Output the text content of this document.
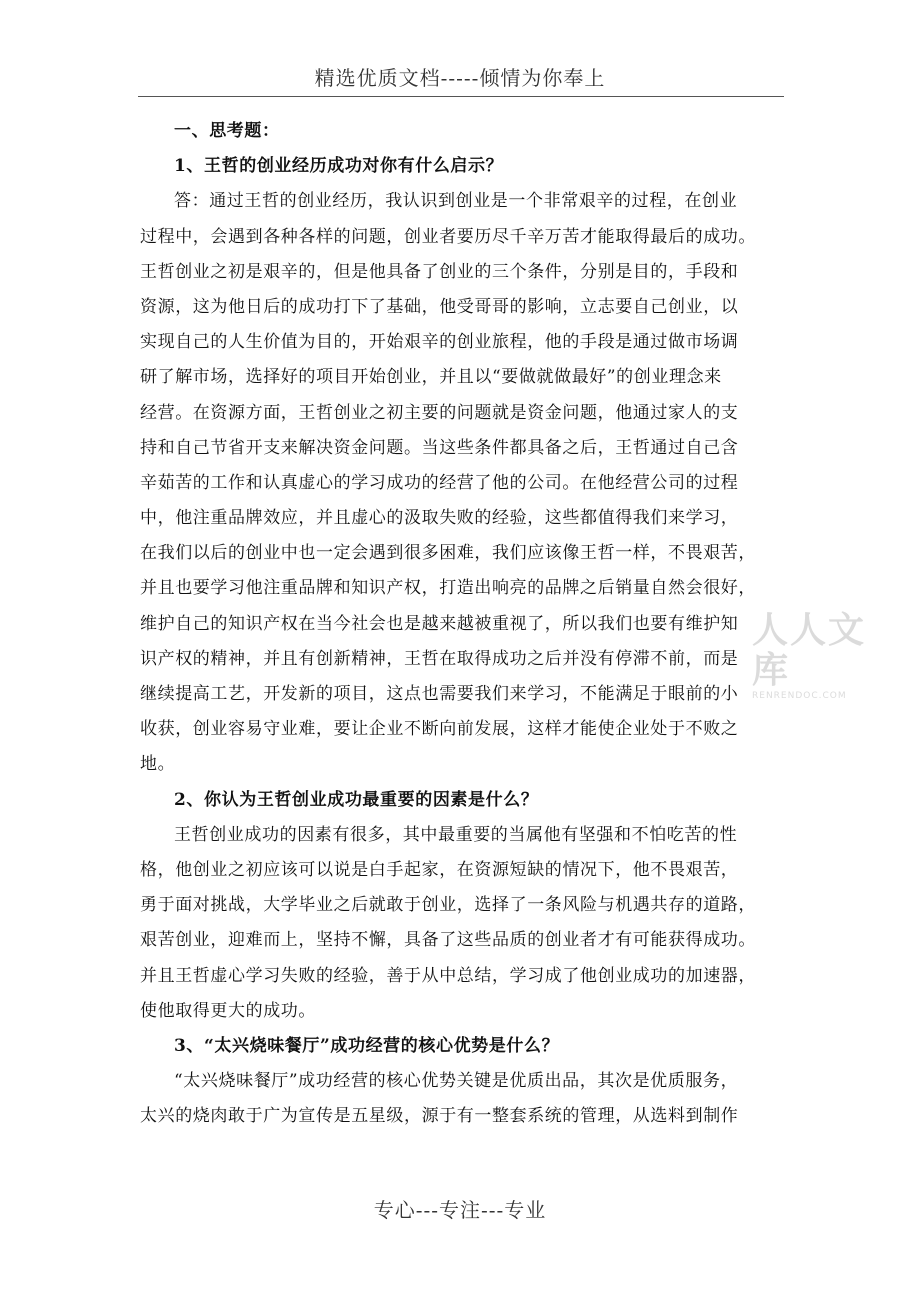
精选优质文档-----倾情为你奉上
一、思考题：
1、王哲的创业经历成功对你有什么启示？
答：通过王哲的创业经历，我认识到创业是一个非常艰辛的过程，在创业
过程中，会遇到各种各样的问题，创业者要历尽千辛万苦才能取得最后的成功。
王哲创业之初是艰辛的，但是他具备了创业的三个条件，分别是目的，手段和
资源，这为他日后的成功打下了基础，他受哥哥的影响，立志要自己创业，以
实现自己的人生价值为目的，开始艰辛的创业旅程，他的手段是通过做市场调
研了解市场，选择好的项目开始创业，并且以“要做就做最好”的创业理念来
经营。在资源方面，王哲创业之初主要的问题就是资金问题，他通过家人的支
持和自己节省开支来解决资金问题。当这些条件都具备之后，王哲通过自己含
辛茹苦的工作和认真虚心的学习成功的经营了他的公司。在他经营公司的过程
中，他注重品牌效应，并且虚心的汲取失败的经验，这些都值得我们来学习，
在我们以后的创业中也一定会遇到很多困难，我们应该像王哲一样，不畏艰苦，
并且也要学习他注重品牌和知识产权，打造出响亮的品牌之后销量自然会很好，
维护自己的知识产权在当今社会也是越来越被重视了，所以我们也要有维护知
识产权的精神，并且有创新精神，王哲在取得成功之后并没有停滞不前，而是
继续提高工艺，开发新的项目，这点也需要我们来学习，不能满足于眼前的小
收获，创业容易守业难，要让企业不断向前发展，这样才能使企业处于不败之
地。
2、你认为王哲创业成功最重要的因素是什么？
王哲创业成功的因素有很多，其中最重要的当属他有坚强和不怕吃苦的性
格，他创业之初应该可以说是白手起家，在资源短缺的情况下，他不畏艰苦，
勇于面对挑战，大学毕业之后就敢于创业，选择了一条风险与机遇共存的道路，
艰苦创业，迎难而上，坚持不懈，具备了这些品质的创业者才有可能获得成功。
并且王哲虚心学习失败的经验，善于从中总结，学习成了他创业成功的加速器，
使他取得更大的成功。
3、“太兴烧味餐厅”成功经营的核心优势是什么？
“太兴烧味餐厅”成功经营的核心优势关键是优质出品，其次是优质服务，
太兴的烧肉敢于广为宣传是五星级，源于有一整套系统的管理，从选料到制作
人人文库
RENRENDOC.COM
专心---专注---专业
